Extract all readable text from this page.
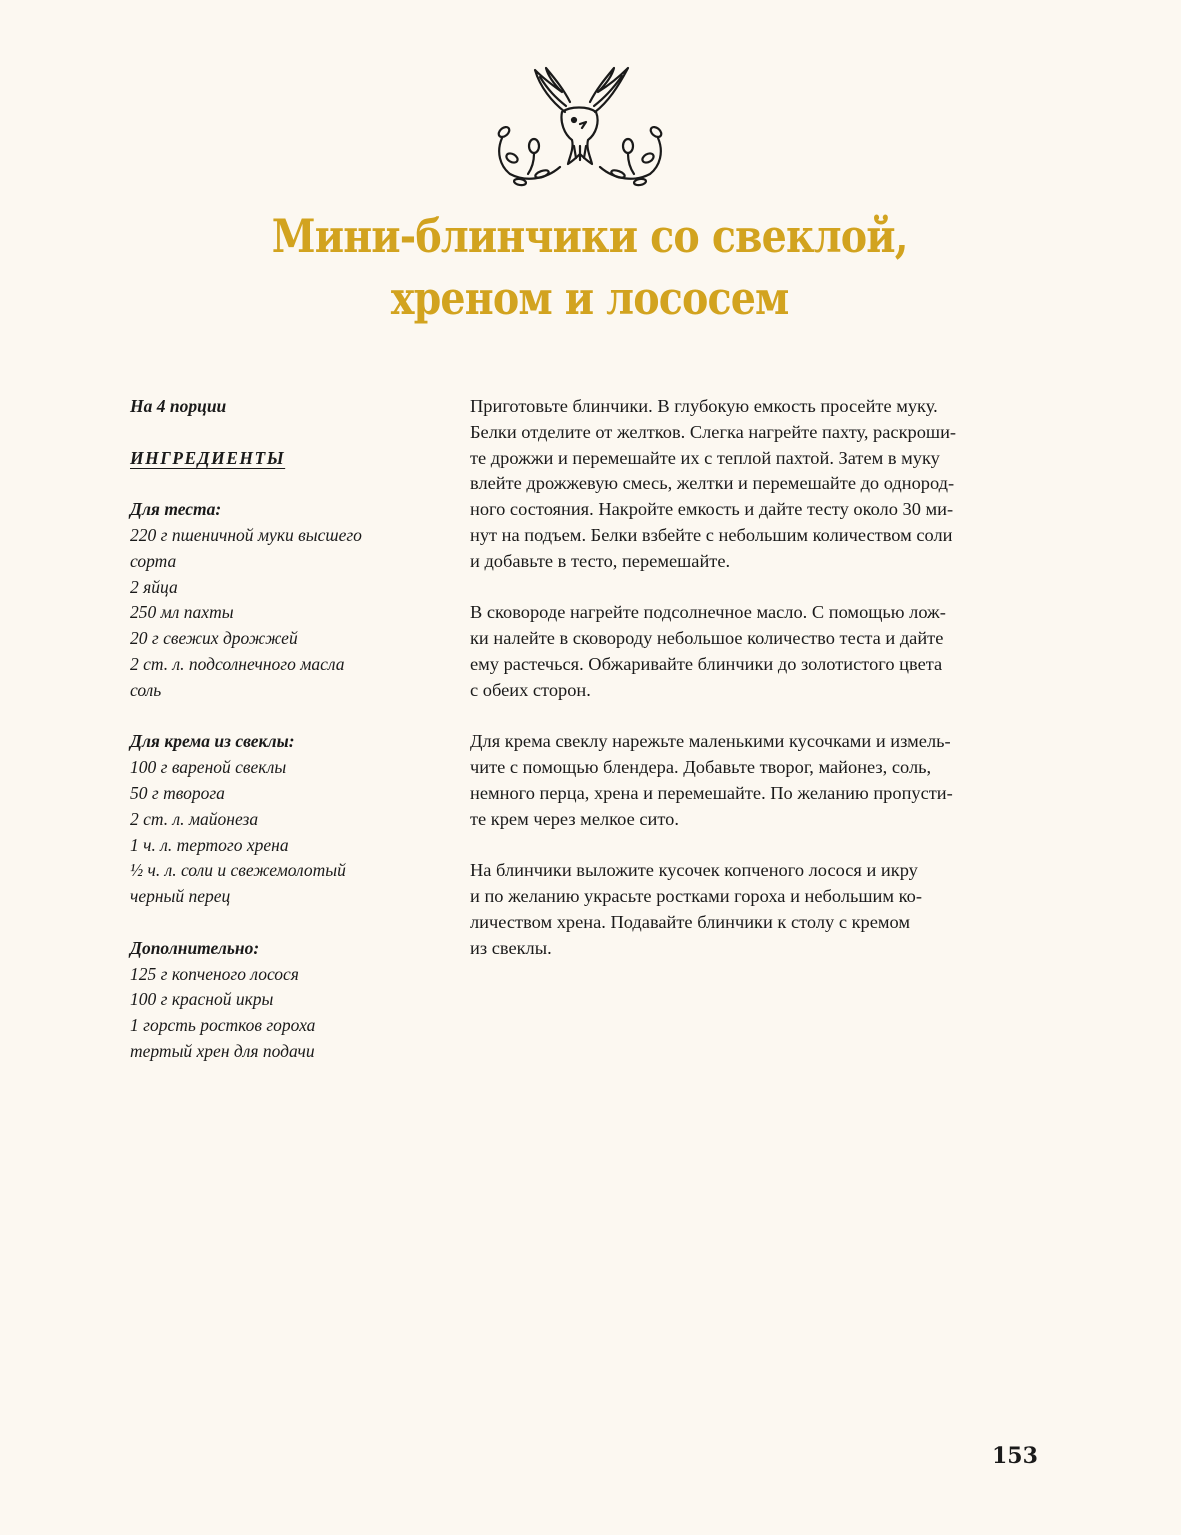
Мини-блинчики со свеклой,
хреном и лососем
На 4 порции
ИНГРЕДИЕНТЫ
Для теста:
220 г пшеничной муки высшего
сорта
2 яйца
250 мл пахты
20 г свежих дрожжей
2 ст. л. подсолнечного масла
соль
Для крема из свеклы:
100 г вареной свеклы
50 г творога
2 ст. л. майонеза
1 ч. л. тертого хрена
½ ч. л. соли и свежемолотый
черный перец
Дополнительно:
125 г копченого лосося
100 г красной икры
1 горсть ростков гороха
тертый хрен для подачи
Приготовьте блинчики. В глубокую емкость просейте муку.
Белки отделите от желтков. Слегка нагрейте пахту, раскроши-
те дрожжи и перемешайте их с теплой пахтой. Затем в муку
влейте дрожжевую смесь, желтки и перемешайте до однород-
ного состояния. Накройте емкость и дайте тесту около 30 ми-
нут на подъем. Белки взбейте с небольшим количеством соли
и добавьте в тесто, перемешайте.
В сковороде нагрейте подсолнечное масло. С помощью лож-
ки налейте в сковороду небольшое количество теста и дайте
ему растечься. Обжаривайте блинчики до золотистого цвета
с обеих сторон.
Для крема свеклу нарежьте маленькими кусочками и измель-
чите с помощью блендера. Добавьте творог, майонез, соль,
немного перца, хрена и перемешайте. По желанию пропусти-
те крем через мелкое сито.
На блинчики выложите кусочек копченого лосося и икру
и по желанию украсьте ростками гороха и небольшим ко-
личеством хрена. Подавайте блинчики к столу с кремом
из свеклы.
153
